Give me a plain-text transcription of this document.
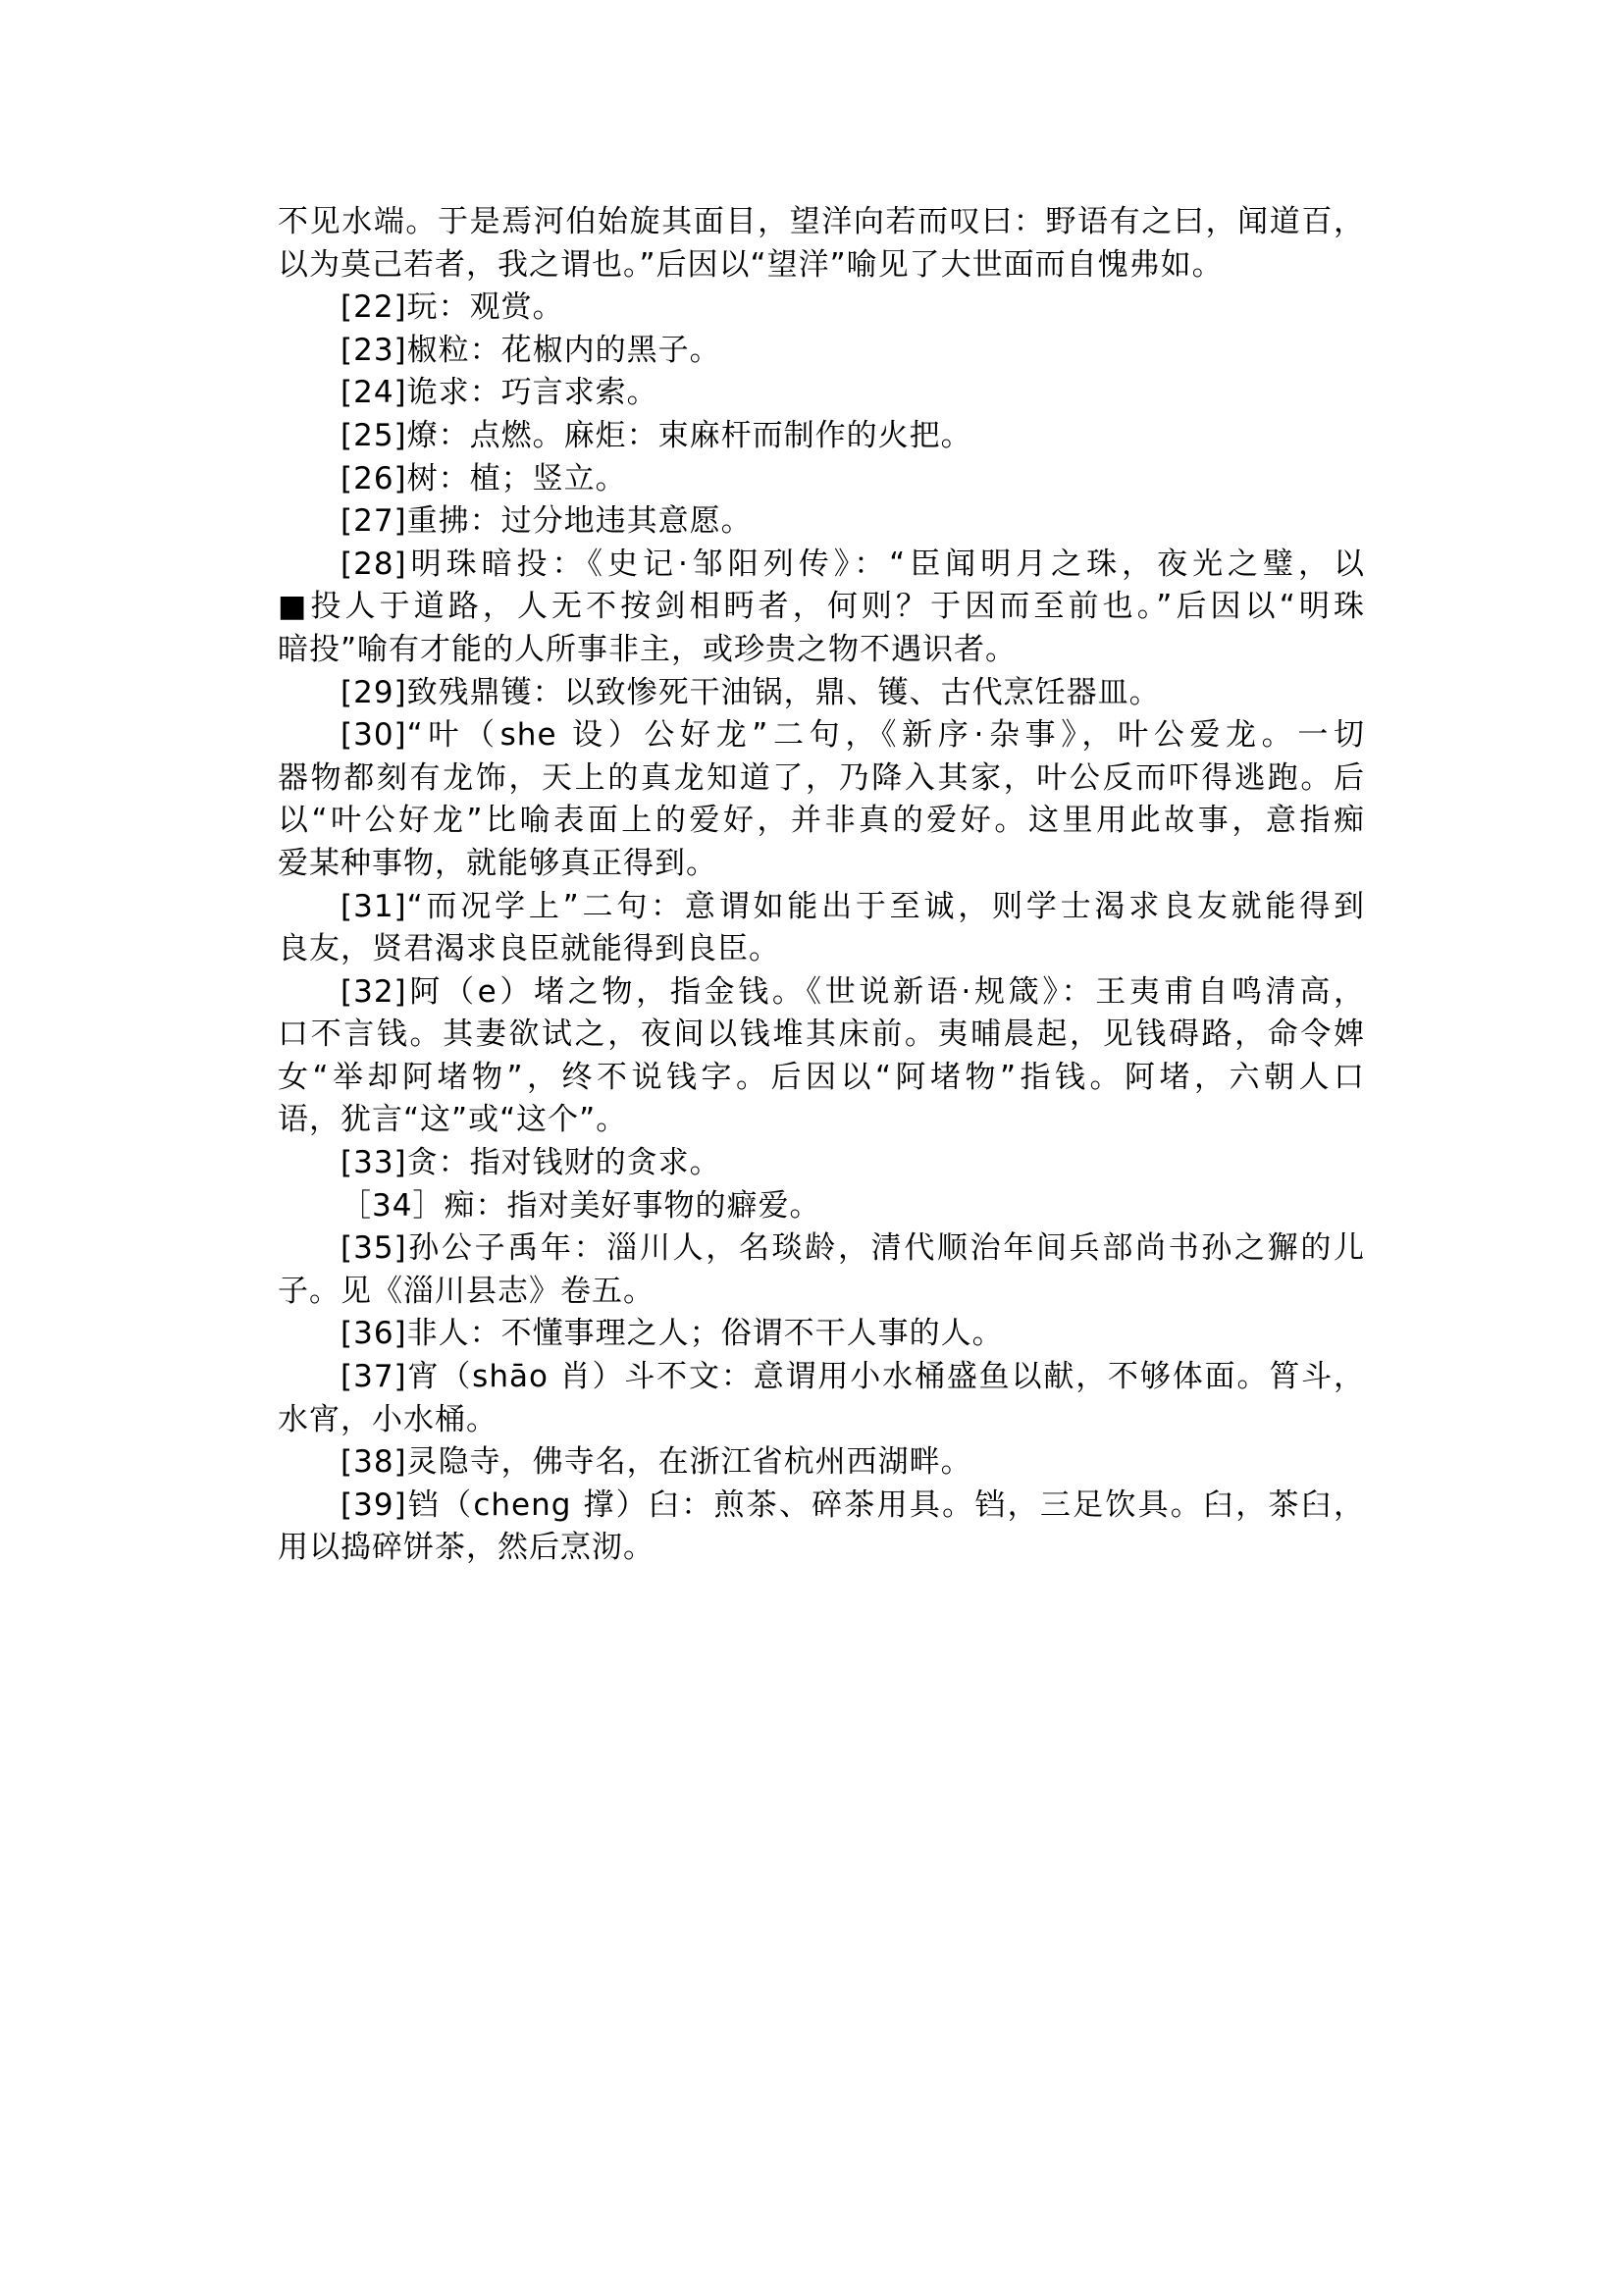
不见水端。于是焉河伯始旋其面目，望洋向若而叹曰：野语有之曰，闻道百，
以为莫己若者，我之谓也。”后因以“望洋”喻见了大世面而自愧弗如。
[22]玩：观赏。
[23]椒粒：花椒内的黑子。
[24]诡求：巧言求索。
[25]燎：点燃。麻炬：束麻杆而制作的火把。
[26]树：植；竖立。
[27]重拂：过分地违其意愿。
[28]明珠暗投：《史记·邹阳列传》：“臣闻明月之珠，夜光之璧，以
■投人于道路，人无不按剑相眄者，何则？于因而至前也。”后因以“明珠
暗投”喻有才能的人所事非主，或珍贵之物不遇识者。
[29]致残鼎镬：以致惨死干油锅，鼎、镬、古代烹饪器皿。
[30]“叶（she 设）公好龙”二句，《新序·杂事》，叶公爱龙。一切
器物都刻有龙饰，天上的真龙知道了，乃降入其家，叶公反而吓得逃跑。后
以“叶公好龙”比喻表面上的爱好，并非真的爱好。这里用此故事，意指痴
爱某种事物，就能够真正得到。
[31]“而况学上”二句：意谓如能出于至诚，则学士渴求良友就能得到
良友，贤君渴求良臣就能得到良臣。
[32]阿（e）堵之物，指金钱。《世说新语·规箴》：王夷甫自鸣清高，
口不言钱。其妻欲试之，夜间以钱堆其床前。夷晡晨起，见钱碍路，命令婢
女“举却阿堵物”，终不说钱字。后因以“阿堵物”指钱。阿堵，六朝人口
语，犹言“这”或“这个”。
[33]贪：指对钱财的贪求。
［34］痴：指对美好事物的癖爱。
[35]孙公子禹年：淄川人，名琰龄，清代顺治年间兵部尚书孙之獬的儿
子。见《淄川县志》卷五。
[36]非人：不懂事理之人；俗谓不干人事的人。
[37]宵（shāo 肖）斗不文：意谓用小水桶盛鱼以献，不够体面。筲斗，
水宵，小水桶。
[38]灵隐寺，佛寺名，在浙江省杭州西湖畔。
[39]铛（cheng 撑）臼：煎茶、碎茶用具。铛，三足饮具。臼，茶臼，
用以捣碎饼茶，然后烹沏。
